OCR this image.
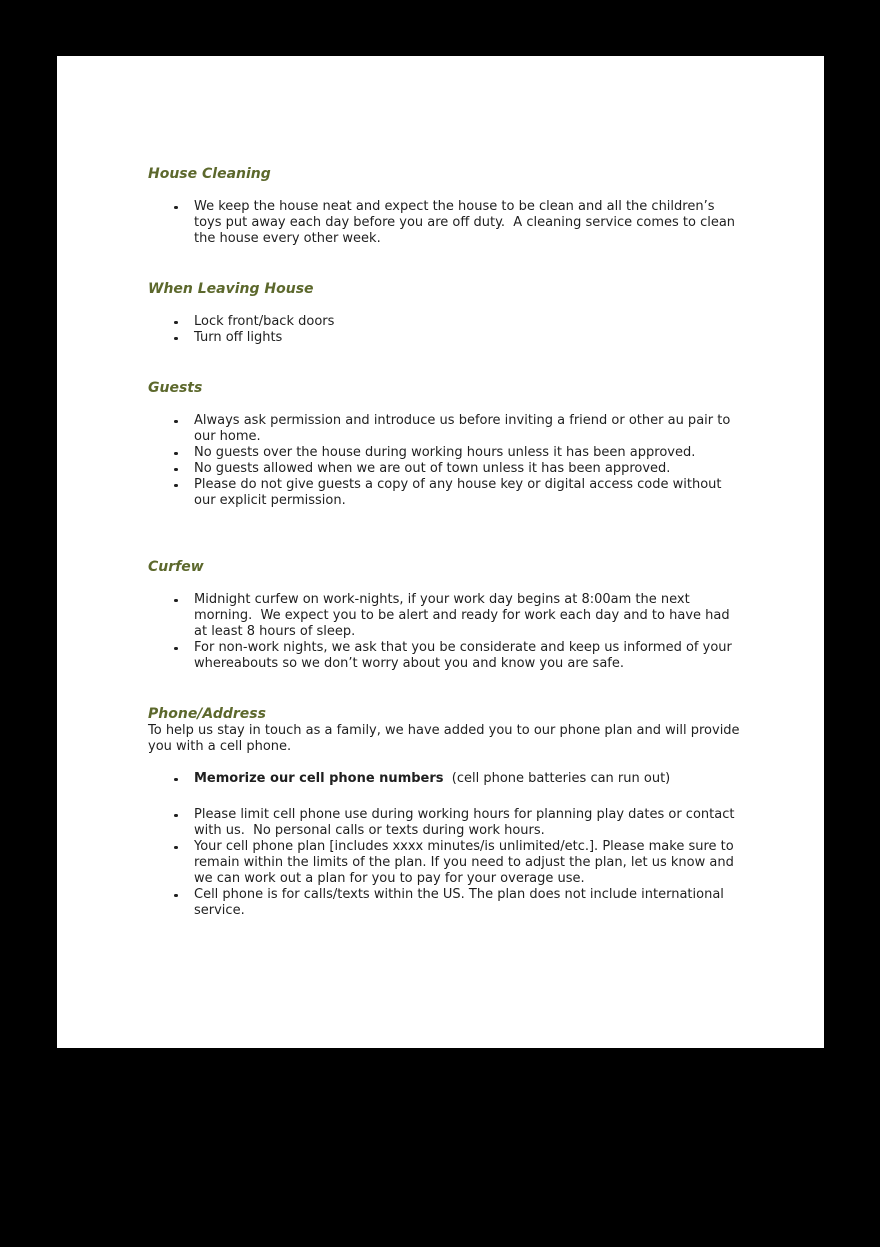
House Cleaning
We keep the house neat and expect the house to be clean and all the children’s toys put away each day before you are off duty.  A cleaning service comes to clean the house every other week.
When Leaving House
Lock front/back doors
Turn off lights
Guests
Always ask permission and introduce us before inviting a friend or other au pair to our home.
No guests over the house during working hours unless it has been approved.
No guests allowed when we are out of town unless it has been approved.
Please do not give guests a copy of any house key or digital access code without our explicit permission.
Curfew
Midnight curfew on work-nights, if your work day begins at 8:00am the next morning.  We expect you to be alert and ready for work each day and to have had at least 8 hours of sleep.
For non-work nights, we ask that you be considerate and keep us informed of your whereabouts so we don’t worry about you and know you are safe.
Phone/Address

To help us stay in touch as a family, we have added you to our phone plan and will provide you with a cell phone.

Memorize our cell phone numbers  (cell phone batteries can run out)
Please limit cell phone use during working hours for planning play dates or contact with us.  No personal calls or texts during work hours.
Your cell phone plan [includes xxxx minutes/is unlimited/etc.]. Please make sure to remain within the limits of the plan. If you need to adjust the plan, let us know and we can work out a plan for you to pay for your overage use.
Cell phone is for calls/texts within the US. The plan does not include international service.
